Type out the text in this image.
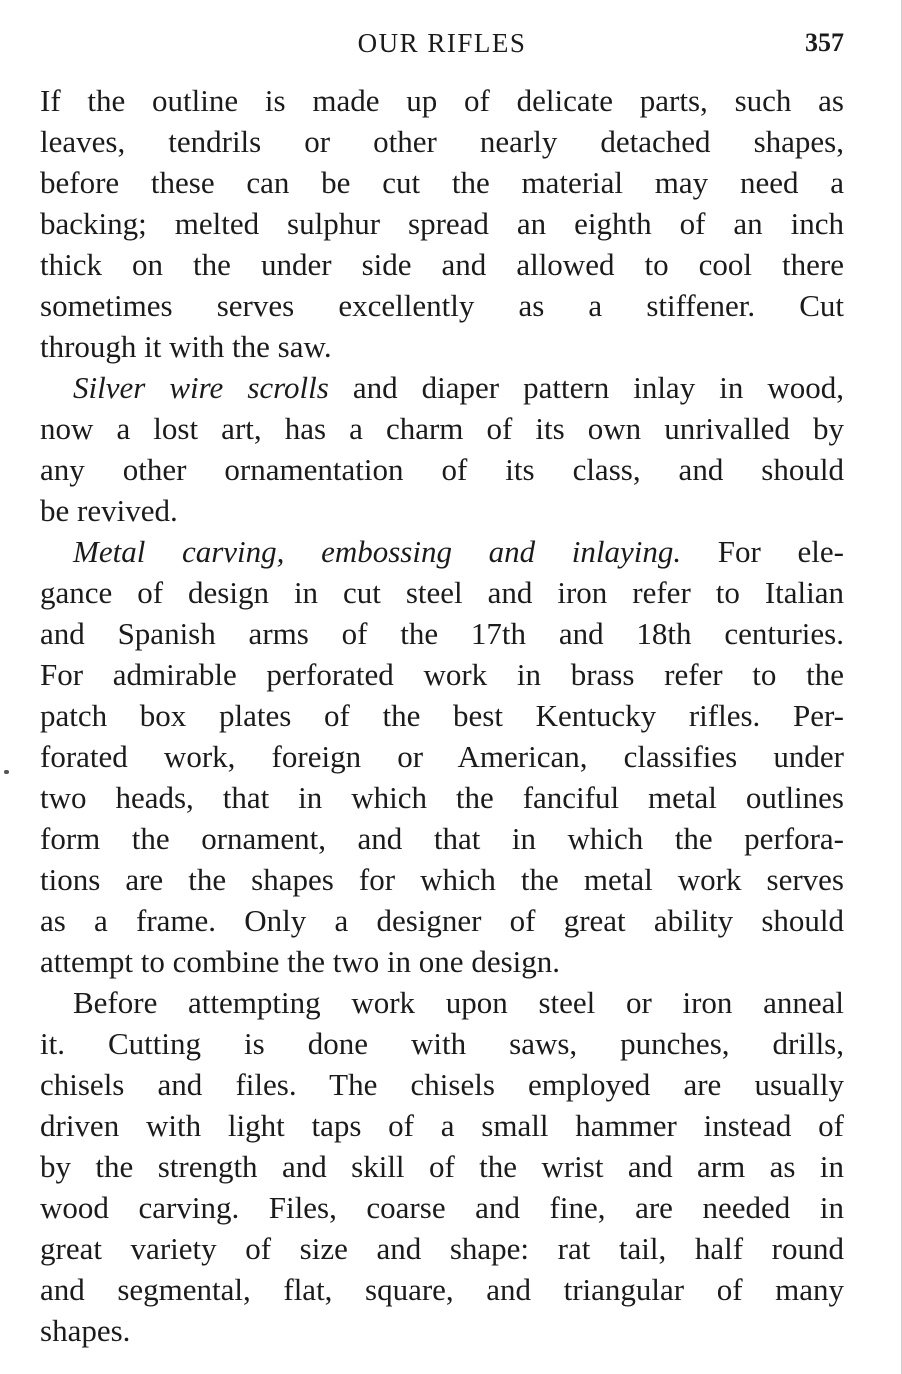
OUR RIFLES	357
If the outline is made up of delicate parts, such as
leaves, tendrils or other nearly detached shapes,
before these can be cut the material may need a
backing; melted sulphur spread an eighth of an inch
thick on the under side and allowed to cool there
sometimes serves excellently as a stiffener. Cut
through it with the saw.
Silver wire scrolls and diaper pattern inlay in wood,
now a lost art, has a charm of its own unrivalled by
any other ornamentation of its class, and should
be revived.
Metal carving, embossing and inlaying. For ele-
gance of design in cut steel and iron refer to Italian
and Spanish arms of the 17th and 18th centuries.
For admirable perforated work in brass refer to the
patch box plates of the best Kentucky rifles. Per-
forated work, foreign or American, classifies under
two heads, that in which the fanciful metal outlines
form the ornament, and that in which the perfora-
tions are the shapes for which the metal work serves
as a frame. Only a designer of great ability should
attempt to combine the two in one design.
Before attempting work upon steel or iron anneal
it. Cutting is done with saws, punches, drills,
chisels and files. The chisels employed are usually
driven with light taps of a small hammer instead of
by the strength and skill of the wrist and arm as in
wood carving. Files, coarse and fine, are needed in
great variety of size and shape: rat tail, half round
and segmental, flat, square, and triangular of many
shapes.
